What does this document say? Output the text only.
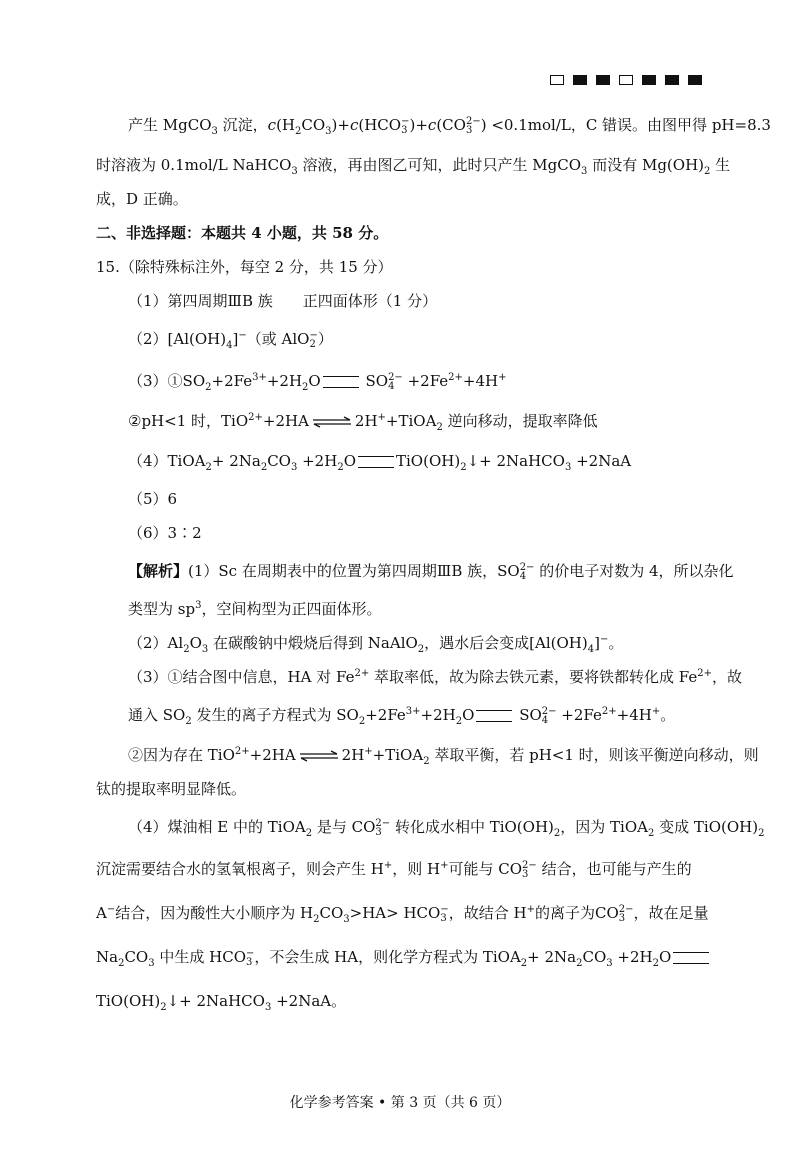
产生 MgCO$_3$ 沉淀，$c(H_2CO_3)+c(HCO$ −
3 )+c(CO 2−
3 ) <0.1mol/L，C 错误。由图甲得 pH=8.3
时溶液为 0.1mol/L NaHCO$_3$ 溶液，再由图乙可知，此时只产生 MgCO$_3$ 而没有 $Mg(OH)_2$ 生
成，D 正确。
二、非选择题：本题共 4 小题，共 58 分。
15.（除特殊标注外，每空 2 分，共 15 分）
（1）第四周期ⅢB 族　　正四面体形（1 分）
$(2)[Al(OH)_4]^-$（或 AlO −
2 ）
$(3)①SO_2+2Fe^{3+}+2H_2O$	SO 2−
$4 +2Fe^{2+}+4H^+$
②pH<1 时，TiO$^{2+}$+2HA ⇌ 2H++TiOA$_2$ 逆向移动，提取率降低
（4）TiOA$_2$+ $2Na_2CO_3 +2H_2O$	$TiO(OH)_2↓+$ 2NaHCO$_3$ +2NaA
（5）6
（6）3∶2
【解析】(1）Sc 在周期表中的位置为第四周期ⅢB 族，SO 2−
4 的价电子对数为 4，所以杂化
类型为 $sp^3$，空间构型为正四面体形。
$(2)Al_2O_3$ 在碳酸钠中煅烧后得到 NaAlO$_2$，遇水后会变成$[Al(OH)_4]^-$。
（3）①结合图中信息，HA 对 $Fe^{2+}$ 萃取率低，故为除去铁元素，要将铁都转化成 $Fe^{2+}$，故
通入 $SO_2$ 发生的离子方程式为 $SO_2+2Fe^{3+}+2H_2O$	SO 2−
$4 +2Fe^{2+}+4H^+$。
②因为存在 TiO$^{2+}$+2HA ⇌ 2H++TiOA$_2$ 萃取平衡，若 pH<1 时，则该平衡逆向移动，则
钛的提取率明显降低。
（4）煤油相 E 中的 TiOA$_2$ 是与 CO 2−
3 转化成水相中 $TiO(OH)_2$，因为 TiOA$_2$ 变成 $TiO(OH)_2$
沉淀需要结合水的氢氧根离子，则会产生 H+，则 H+可能与 CO 2−
3 结合，也可能与产生的
A−结合，因为酸性大小顺序为 $H_2CO_3>HA>$ HCO −
3 ，故结合 H+的离子为CO 2−
3 ，故在足量
$Na_2CO_3$ 中生成 HCO −
3 ，不会生成 HA，则化学方程式为 TiOA$_2$+ $2Na_2CO_3 +2H_2O$
$TiO(OH)_2↓+$ 2NaHCO$_3$ +2NaA。
化学参考答案 • 第 3 页（共 6 页）
